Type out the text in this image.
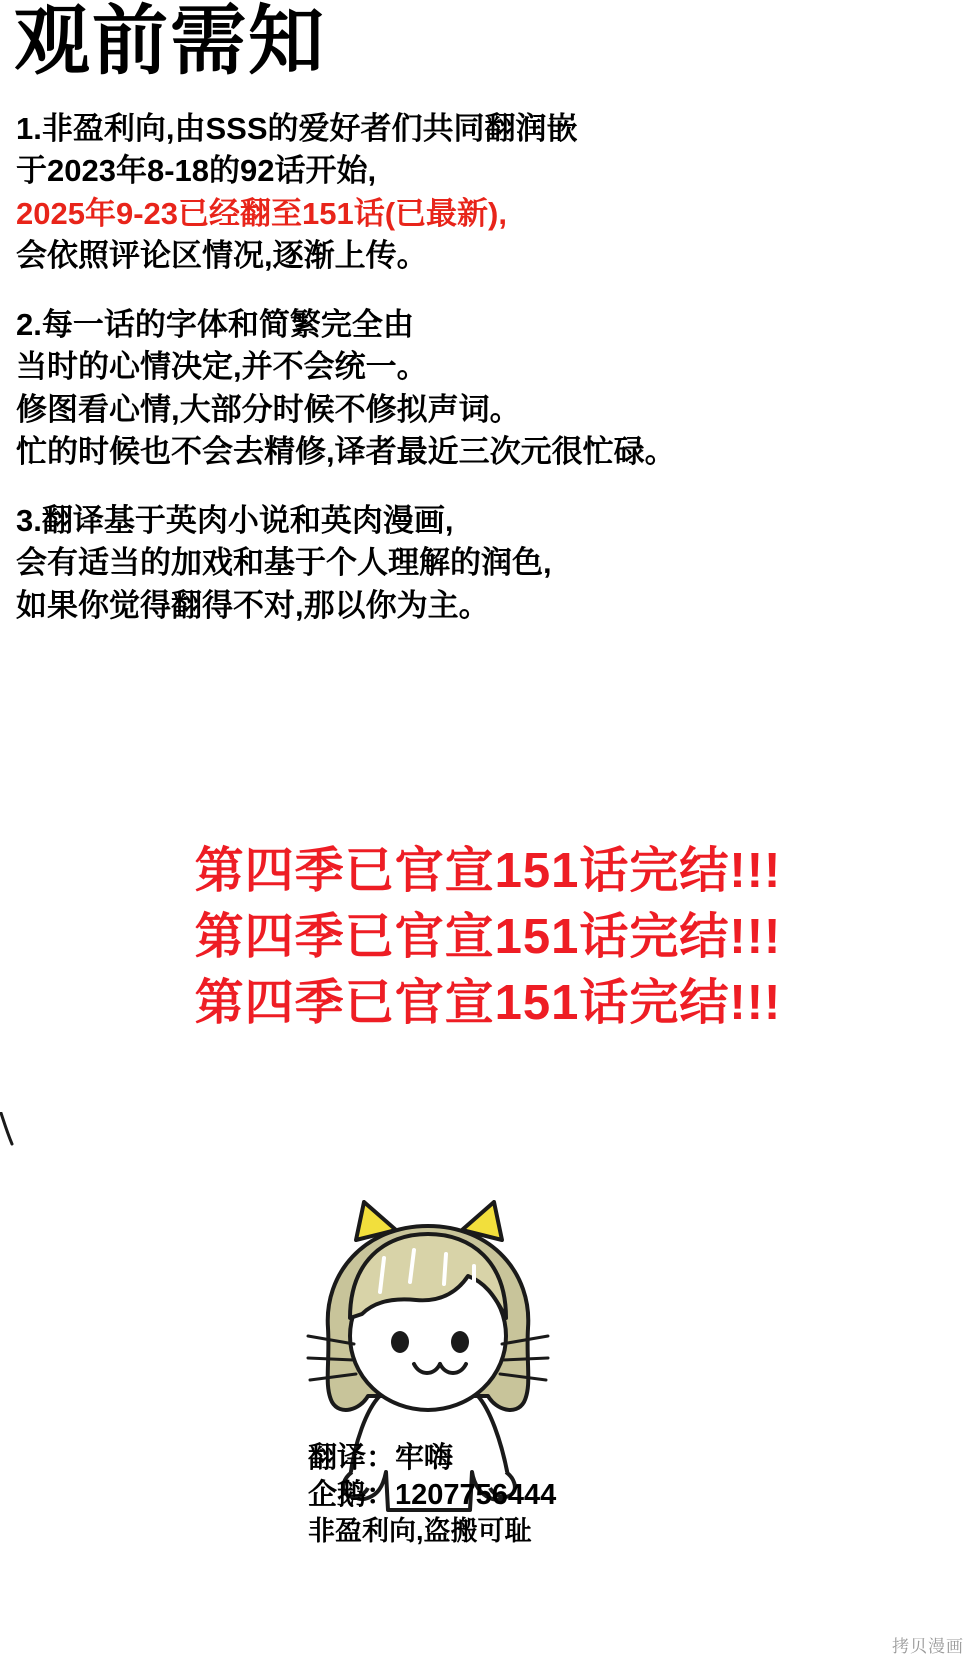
观前需知
1.非盈利向,由SSS的爱好者们共同翻润嵌
于2023年8-18的92话开始,
2025年9-23已经翻至151话(已最新),
会依照评论区情况,逐渐上传。
2.每一话的字体和简繁完全由
当时的心情决定,并不会统一。
修图看心情,大部分时候不修拟声词。
忙的时候也不会去精修,译者最近三次元很忙碌。
3.翻译基于英肉小说和英肉漫画,
会有适当的加戏和基于个人理解的润色,
如果你觉得翻得不对,那以你为主。
第四季已官宣151话完结!!!
第四季已官宣151话完结!!!
第四季已官宣151话完结!!!
翻译：牢嗨
企鹅：1207756444
非盈利向,盗搬可耻
拷贝漫画
